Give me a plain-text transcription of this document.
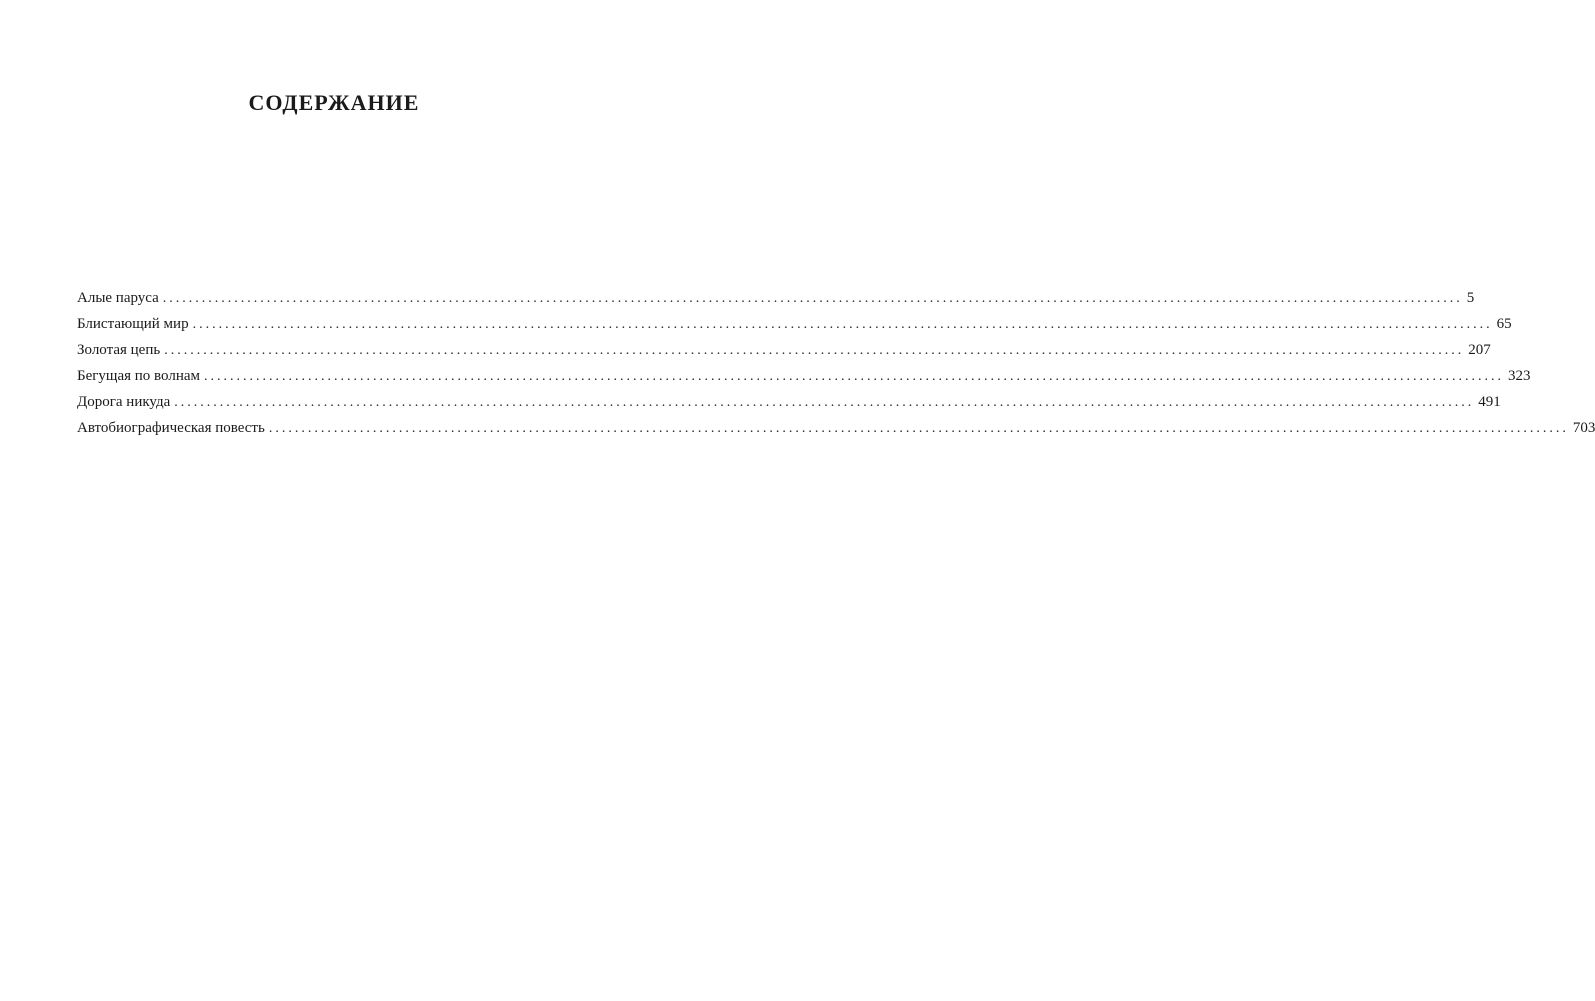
СОДЕРЖАНИЕ
Алые паруса ........................................................................................................................................................................................................ 5
Блистающий мир ........................................................................................................................................................................................................ 65
Золотая цепь ........................................................................................................................................................................................................ 207
Бегущая по волнам ........................................................................................................................................................................................................ 323
Дорога никуда ........................................................................................................................................................................................................ 491
Автобиографическая повесть ........................................................................................................................................................................................................ 703
